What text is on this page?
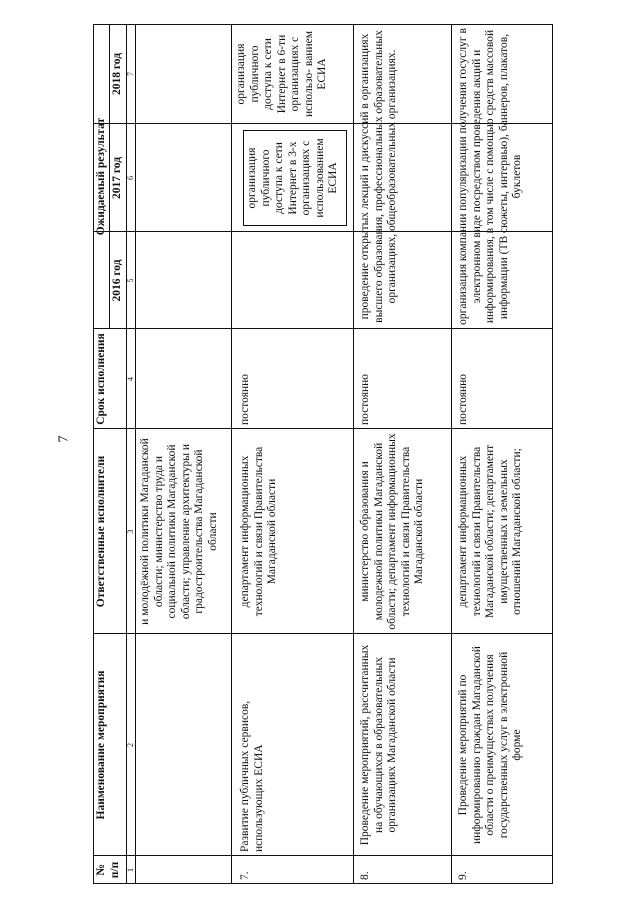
7
№ п/п
Наименование мероприятия
Ответственные исполнители
Срок исполнения
Ожидаемый результат
2016 год
2017 год
2018 год
1
2
3
4
5
6
7
и молодёжной политики Магаданской области; министерство труда и социальной политики Магаданской области; управление архитектуры и градостроительства Магаданской области
7.
Развитие публичных сервисов, использующих ЕСИА
департамент информационных технологий и связи Правительства Магаданской области
постоянно
организация публичного доступа к сети Интернет в 3-х организациях с использованием ЕСИА
организация публичного доступа к сети Интернет в 6-ти организациях с использо- ванием ЕСИА
8.
Проведение мероприятий, рассчитанных на обучающихся в образовательных организациях Магаданской области
министерство образования и молодежной политики Магаданской области; департамент информационных технологий и связи Правительства Магаданской области
постоянно
проведение открытых лекций и дискуссий в организациях высшего образования, профессиональных образовательных организациях, общеобразовательных организациях.
9.
Проведение мероприятий по информированию граждан Магаданской области о преимуществах получения государственных услуг в электронной форме
департамент информационных технологий и связи Правительства Магаданской области; департамент имущественных и земельных отношений Магаданской области;
постоянно
организация компании популяризации получения госуслуг в электронном виде посредством проведения акций и информирования, в том числе с помощью средств массовой информации (ТВ сюжеты, интервью), баннеров, плакатов, буклетов
